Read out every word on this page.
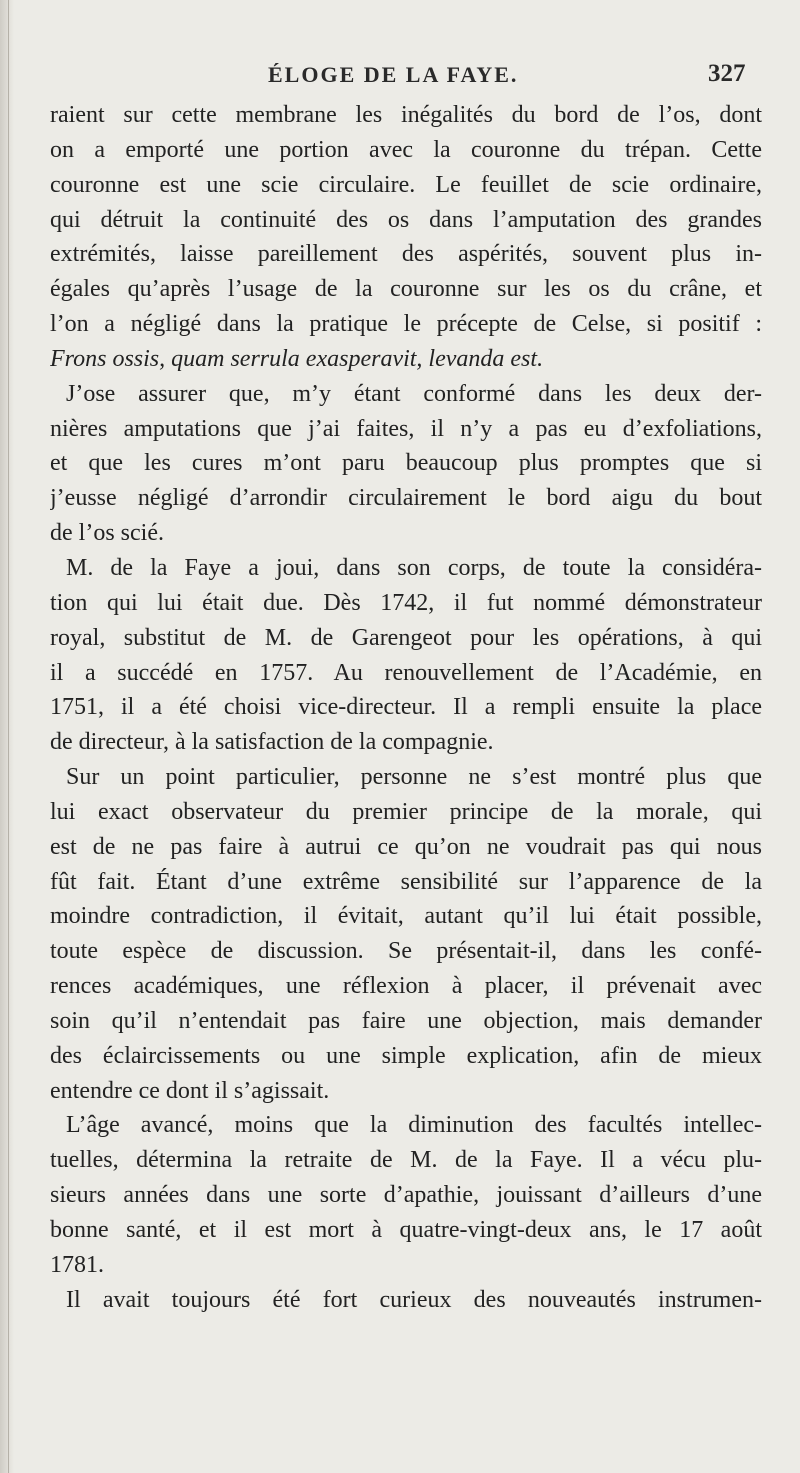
ÉLOGE DE LA FAYE.	327
raient sur cette membrane les inégalités du bord de l’os, dont
on a emporté une portion avec la couronne du trépan. Cette
couronne est une scie circulaire. Le feuillet de scie ordinaire,
qui détruit la continuité des os dans l’amputation des grandes
extrémités, laisse pareillement des aspérités, souvent plus in-
égales qu’après l’usage de la couronne sur les os du crâne, et
l’on a négligé dans la pratique le précepte de Celse, si positif :
Frons ossis, quam serrula exasperavit, levanda est.
J’ose assurer que, m’y étant conformé dans les deux der-
nières amputations que j’ai faites, il n’y a pas eu d’exfoliations,
et que les cures m’ont paru beaucoup plus promptes que si
j’eusse négligé d’arrondir circulairement le bord aigu du bout
de l’os scié.
M. de la Faye a joui, dans son corps, de toute la considéra-
tion qui lui était due. Dès 1742, il fut nommé démonstrateur
royal, substitut de M. de Garengeot pour les opérations, à qui
il a succédé en 1757. Au renouvellement de l’Académie, en
1751, il a été choisi vice-directeur. Il a rempli ensuite la place
de directeur, à la satisfaction de la compagnie.
Sur un point particulier, personne ne s’est montré plus que
lui exact observateur du premier principe de la morale, qui
est de ne pas faire à autrui ce qu’on ne voudrait pas qui nous
fût fait. Étant d’une extrême sensibilité sur l’apparence de la
moindre contradiction, il évitait, autant qu’il lui était possible,
toute espèce de discussion. Se présentait-il, dans les confé-
rences académiques, une réflexion à placer, il prévenait avec
soin qu’il n’entendait pas faire une objection, mais demander
des éclaircissements ou une simple explication, afin de mieux
entendre ce dont il s’agissait.
L’âge avancé, moins que la diminution des facultés intellec-
tuelles, détermina la retraite de M. de la Faye. Il a vécu plu-
sieurs années dans une sorte d’apathie, jouissant d’ailleurs d’une
bonne santé, et il est mort à quatre-vingt-deux ans, le 17 août
1781.
Il avait toujours été fort curieux des nouveautés instrumen-
